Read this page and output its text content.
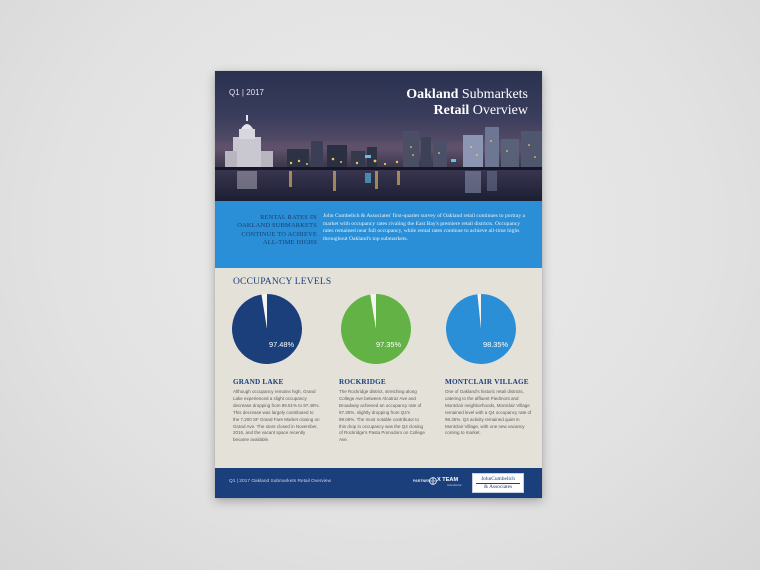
Q1 | 2017	Oakland Submarkets
Retail Overview
RENTAL RATES IN OAKLAND SUBMARKETS CONTINUE TO ACHIEVE ALL-TIME HIGHS
John Cumbelich & Associates' first-quarter survey of Oakland retail continues to portray a market with occupancy rates rivaling the East Bay's premiere retail districts. Occupancy rates remained near full occupancy, while rental rates continue to achieve all-time highs throughout Oakland's top submarkets.
OCCUPANCY LEVELS
97.48%	97.35%	98.35%
GRAND LAKE
Although occupancy remains high, Grand Lake experienced a slight occupancy decrease dropping from 99.51% to 97.48%. This decrease was largely contributed to the 7,200 SF Grand Fare Market closing on Grand Ave. The store closed in November, 2016, and the vacant space recently became available.
ROCKRIDGE
The Rockridge district, stretching along College Ave between Alcatraz Ave and Broadway achieved an occupancy rate of 97.35%, slightly dropping from Q4's 99.06%. The most notable contributor to this drop in occupancy was the Q4 closing of Rockridge's Pasta Pomodoro on College Ave.
MONTCLAIR VILLAGE
One of Oakland's historic retail districts, catering to the affluent Piedmont and Montclair neighborhoods, Montclair Village remained level with a Q4 occupancy rate of 98.35%. Q4 activity remained quiet in Montclair Village, with one new vacancy coming to market.
Q1 | 2017 Oakland Submarkets Retail Overview	PARTNER X TEAM
International
JohnCumbelich
& Associates
